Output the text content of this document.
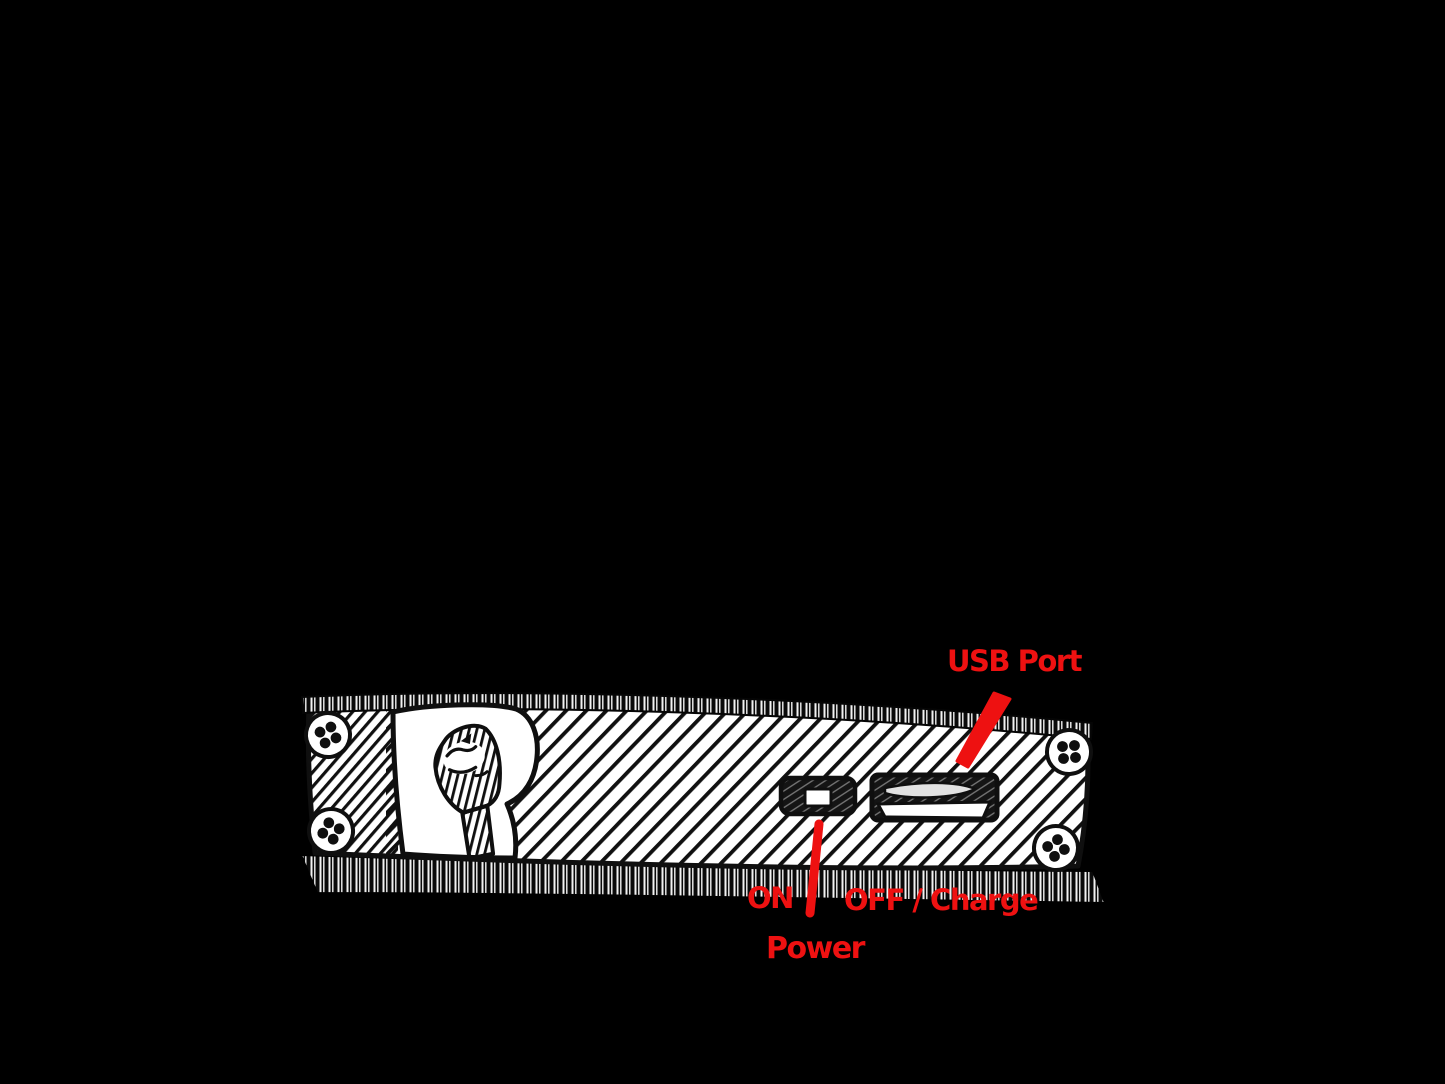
USB Port
ON OFF / Charge
Power
